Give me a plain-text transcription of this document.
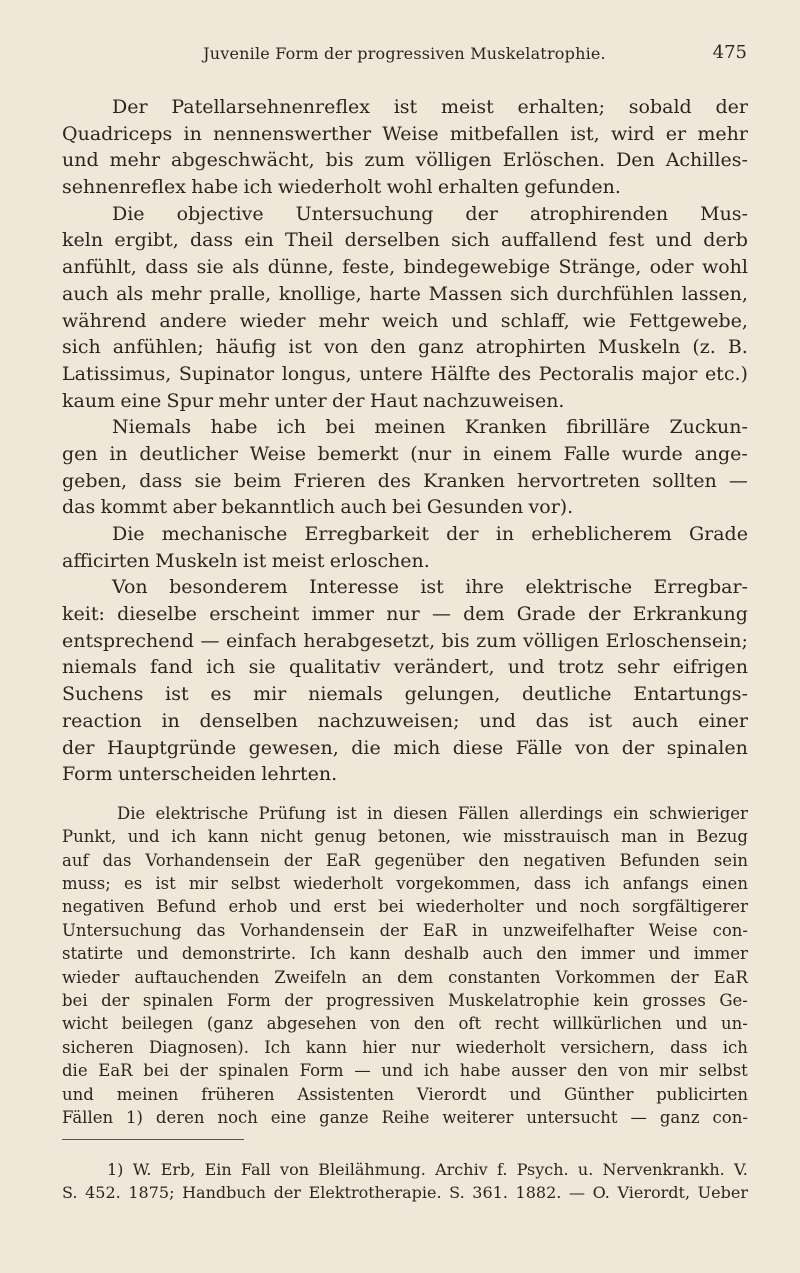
Juvenile Form der progressiven Muskelatrophie.	475
Der Patellarsehnenreflex ist meist erhalten; sobald der
Quadriceps in nennenswerther Weise mitbefallen ist, wird er mehr
und mehr abgeschwächt, bis zum völligen Erlöschen. Den Achilles-
sehnenreflex habe ich wiederholt wohl erhalten gefunden.
Die objective Untersuchung der atrophirenden Mus-
keln ergibt, dass ein Theil derselben sich auffallend fest und derb
anfühlt, dass sie als dünne, feste, bindegewebige Stränge, oder wohl
auch als mehr pralle, knollige, harte Massen sich durchfühlen lassen,
während andere wieder mehr weich und schlaff, wie Fettgewebe,
sich anfühlen; häufig ist von den ganz atrophirten Muskeln (z. B.
Latissimus, Supinator longus, untere Hälfte des Pectoralis major etc.)
kaum eine Spur mehr unter der Haut nachzuweisen.
Niemals habe ich bei meinen Kranken fibrilläre Zuckun-
gen in deutlicher Weise bemerkt (nur in einem Falle wurde ange-
geben, dass sie beim Frieren des Kranken hervortreten sollten —
das kommt aber bekanntlich auch bei Gesunden vor).
Die mechanische Erregbarkeit der in erheblicherem Grade
afficirten Muskeln ist meist erloschen.
Von besonderem Interesse ist ihre elektrische Erregbar-
keit: dieselbe erscheint immer nur — dem Grade der Erkrankung
entsprechend — einfach herabgesetzt, bis zum völligen Erloschensein;
niemals fand ich sie qualitativ verändert, und trotz sehr eifrigen
Suchens ist es mir niemals gelungen, deutliche Entartungs-
reaction in denselben nachzuweisen; und das ist auch einer
der Hauptgründe gewesen, die mich diese Fälle von der spinalen
Form unterscheiden lehrten.
Die elektrische Prüfung ist in diesen Fällen allerdings ein schwieriger
Punkt, und ich kann nicht genug betonen, wie misstrauisch man in Bezug
auf das Vorhandensein der EaR gegenüber den negativen Befunden sein
muss; es ist mir selbst wiederholt vorgekommen, dass ich anfangs einen
negativen Befund erhob und erst bei wiederholter und noch sorgfältigerer
Untersuchung das Vorhandensein der EaR in unzweifelhafter Weise con-
statirte und demonstrirte. Ich kann deshalb auch den immer und immer
wieder auftauchenden Zweifeln an dem constanten Vorkommen der EaR
bei der spinalen Form der progressiven Muskelatrophie kein grosses Ge-
wicht beilegen (ganz abgesehen von den oft recht willkürlichen und un-
sicheren Diagnosen). Ich kann hier nur wiederholt versichern, dass ich
die EaR bei der spinalen Form — und ich habe ausser den von mir selbst
und meinen früheren Assistenten Vierordt und Günther publicirten
Fällen 1) deren noch eine ganze Reihe weiterer untersucht — ganz con-
1) W. Erb, Ein Fall von Bleilähmung. Archiv f. Psych. u. Nervenkrankh. V.
S. 452. 1875; Handbuch der Elektrotherapie. S. 361. 1882. — O. Vierordt, Ueber
